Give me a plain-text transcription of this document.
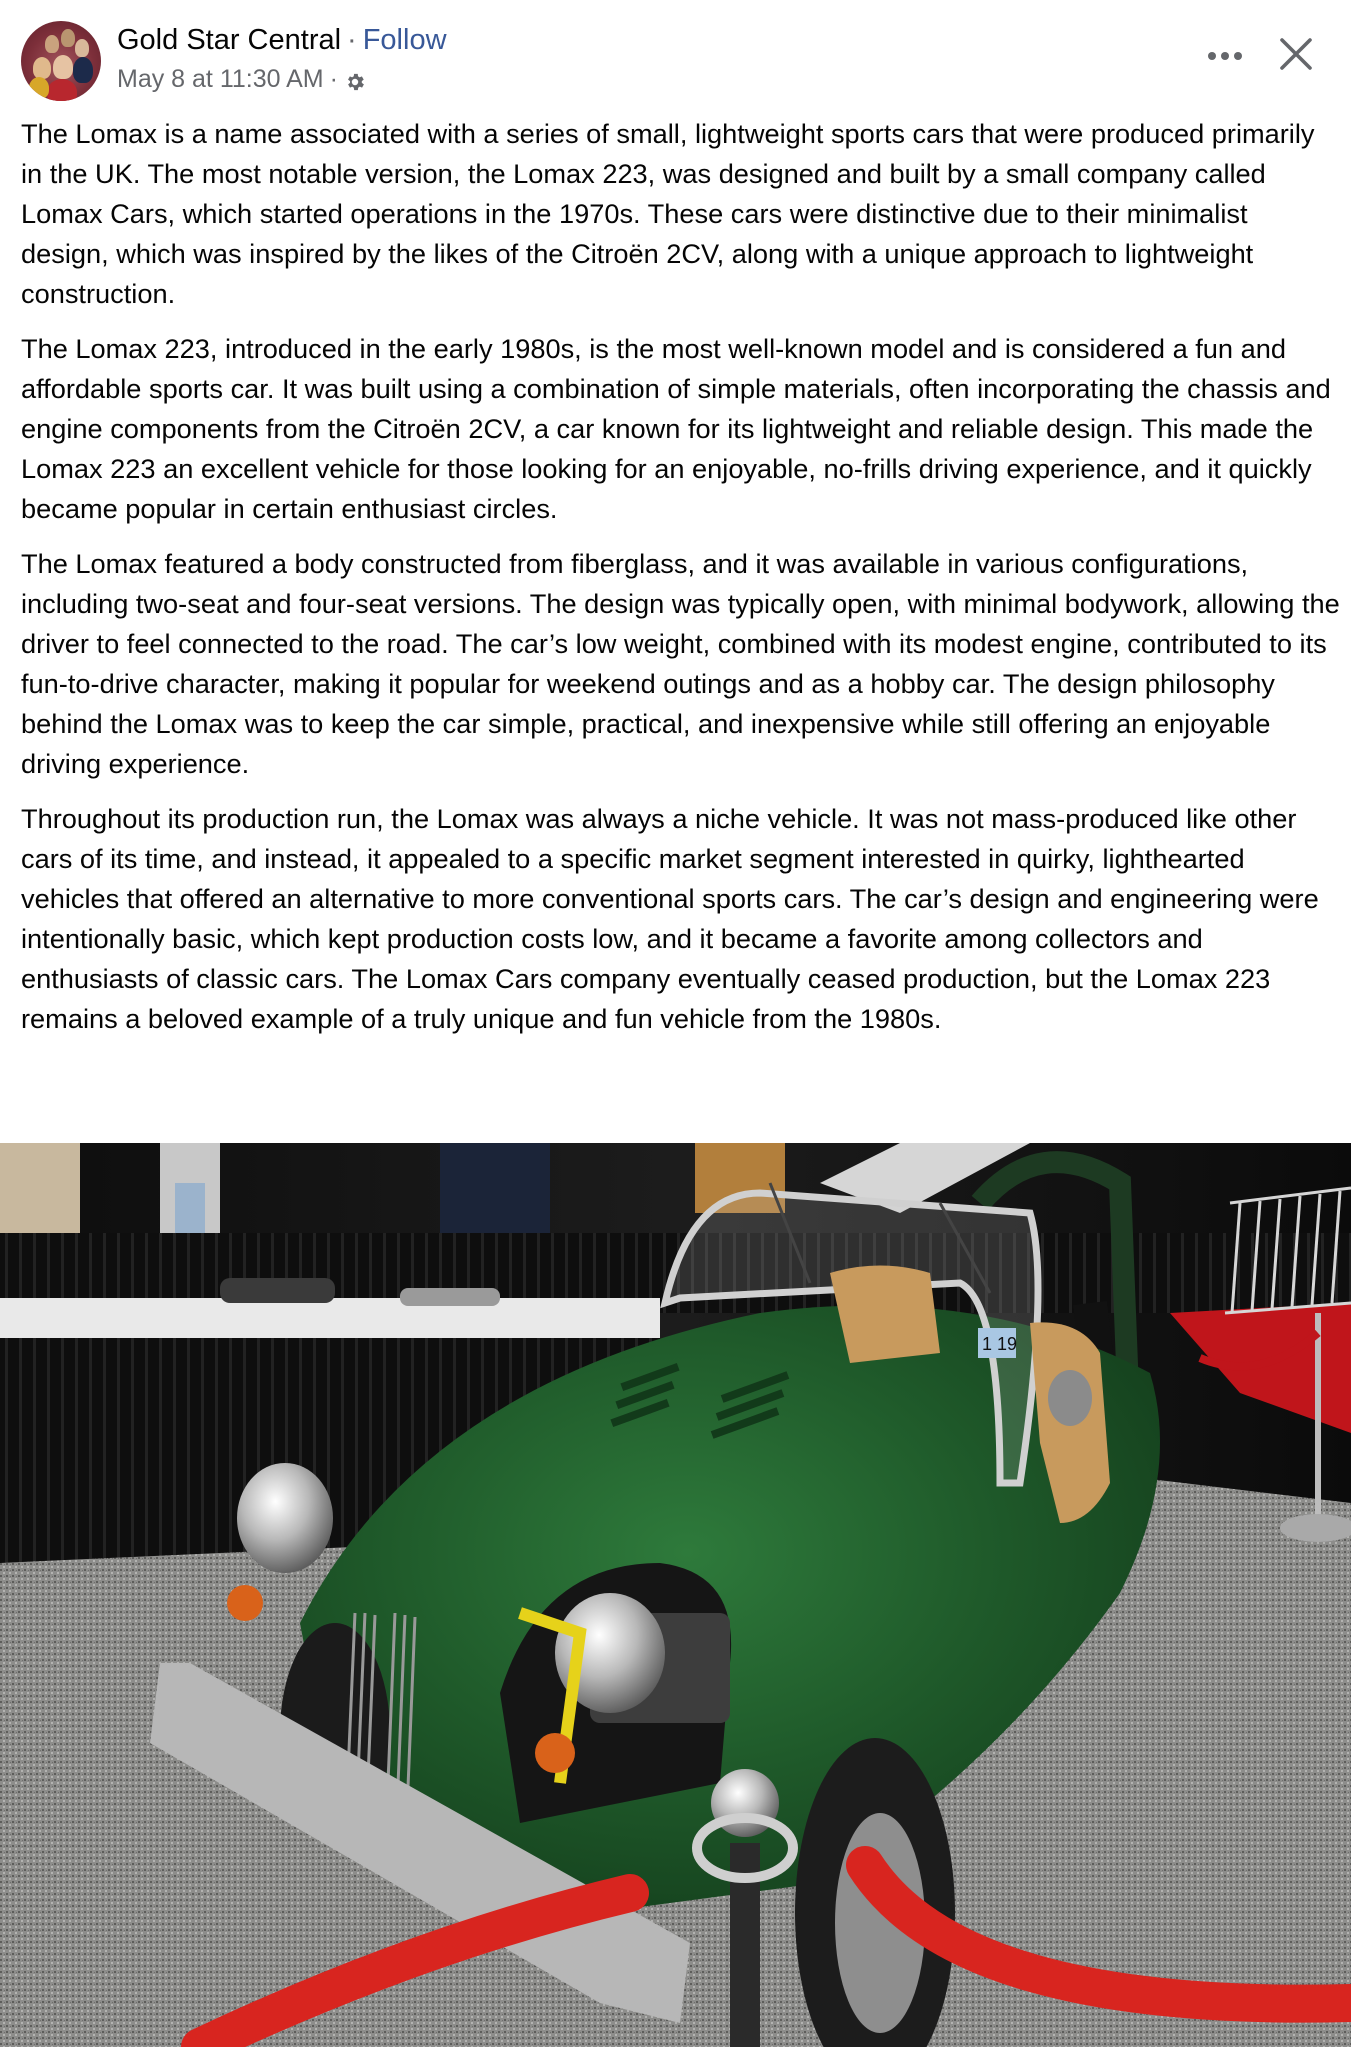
Gold Star Central · Follow
May 8 at 11:30 AM ·

The Lomax is a name associated with a series of small, lightweight sports cars that were produced primarily in the UK. The most notable version, the Lomax 223, was designed and built by a small company called Lomax Cars, which started operations in the 1970s. These cars were distinctive due to their minimalist design, which was inspired by the likes of the Citroën 2CV, along with a unique approach to lightweight construction.

The Lomax 223, introduced in the early 1980s, is the most well-known model and is considered a fun and affordable sports car. It was built using a combination of simple materials, often incorporating the chassis and engine components from the Citroën 2CV, a car known for its lightweight and reliable design. This made the Lomax 223 an excellent vehicle for those looking for an enjoyable, no-frills driving experience, and it quickly became popular in certain enthusiast circles.

The Lomax featured a body constructed from fiberglass, and it was available in various configurations, including two-seat and four-seat versions. The design was typically open, with minimal bodywork, allowing the driver to feel connected to the road. The car’s low weight, combined with its modest engine, contributed to its fun-to-drive character, making it popular for weekend outings and as a hobby car. The design philosophy behind the Lomax was to keep the car simple, practical, and inexpensive while still offering an enjoyable driving experience.

Throughout its production run, the Lomax was always a niche vehicle. It was not mass-produced like other cars of its time, and instead, it appealed to a specific market segment interested in quirky, lighthearted vehicles that offered an alternative to more conventional sports cars. The car’s design and engineering were intentionally basic, which kept production costs low, and it became a favorite among collectors and enthusiasts of classic cars. The Lomax Cars company eventually ceased production, but the Lomax 223 remains a beloved example of a truly unique and fun vehicle from the 1980s.

1 19
